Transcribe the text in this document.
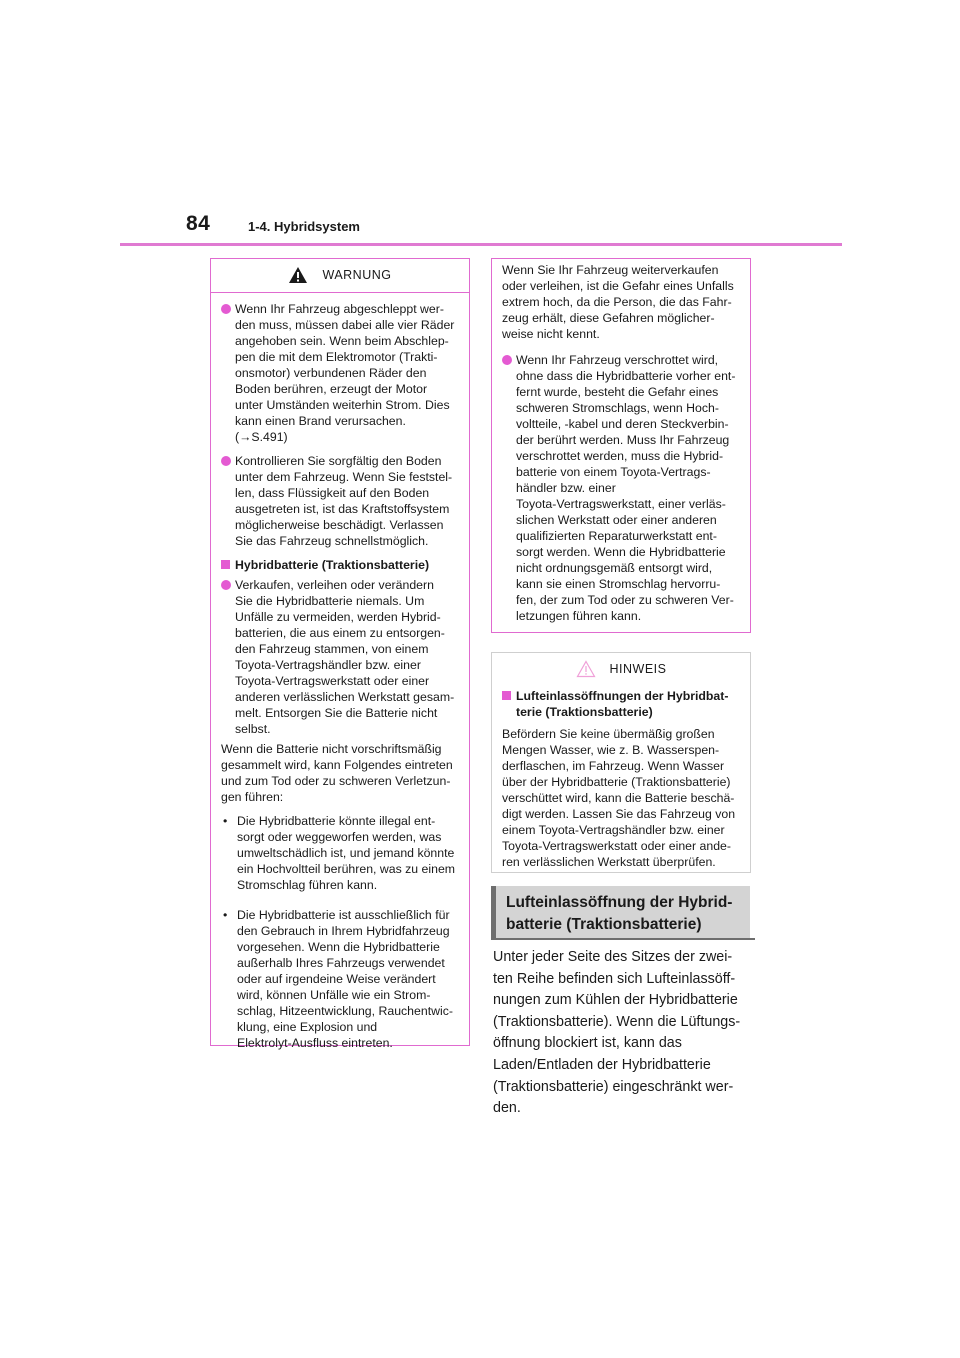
84	1-4. Hybridsystem
WARNUNG
Wenn Ihr Fahrzeug abgeschleppt wer-
den muss, müssen dabei alle vier Räder
angehoben sein. Wenn beim Abschlep-
pen die mit dem Elektromotor (Trakti-
onsmotor) verbundenen Räder den
Boden berühren, erzeugt der Motor
unter Umständen weiterhin Strom. Dies
kann einen Brand verursachen.
(→S.491)
Kontrollieren Sie sorgfältig den Boden
unter dem Fahrzeug. Wenn Sie feststel-
len, dass Flüssigkeit auf den Boden
ausgetreten ist, ist das Kraftstoffsystem
möglicherweise beschädigt. Verlassen
Sie das Fahrzeug schnellstmöglich.
Hybridbatterie (Traktionsbatterie)
Verkaufen, verleihen oder verändern
Sie die Hybridbatterie niemals. Um
Unfälle zu vermeiden, werden Hybrid-
batterien, die aus einem zu entsorgen-
den Fahrzeug stammen, von einem
Toyota-Vertragshändler bzw. einer
Toyota-Vertragswerkstatt oder einer
anderen verlässlichen Werkstatt gesam-
melt. Entsorgen Sie die Batterie nicht
selbst.
Wenn die Batterie nicht vorschriftsmäßig
gesammelt wird, kann Folgendes eintreten
und zum Tod oder zu schweren Verletzun-
gen führen:
• Die Hybridbatterie könnte illegal ent-
sorgt oder weggeworfen werden, was
umweltschädlich ist, und jemand könnte
ein Hochvoltteil berühren, was zu einem
Stromschlag führen kann.
• Die Hybridbatterie ist ausschließlich für
den Gebrauch in Ihrem Hybridfahrzeug
vorgesehen. Wenn die Hybridbatterie
außerhalb Ihres Fahrzeugs verwendet
oder auf irgendeine Weise verändert
wird, können Unfälle wie ein Strom-
schlag, Hitzeentwicklung, Rauchentwic-
klung, eine Explosion und
Elektrolyt-Ausfluss eintreten.
Wenn Sie Ihr Fahrzeug weiterverkaufen
oder verleihen, ist die Gefahr eines Unfalls
extrem hoch, da die Person, die das Fahr-
zeug erhält, diese Gefahren möglicher-
weise nicht kennt.
Wenn Ihr Fahrzeug verschrottet wird,
ohne dass die Hybridbatterie vorher ent-
fernt wurde, besteht die Gefahr eines
schweren Stromschlags, wenn Hoch-
voltteile, -kabel und deren Steckverbin-
der berührt werden. Muss Ihr Fahrzeug
verschrottet werden, muss die Hybrid-
batterie von einem Toyota-Vertrags-
händler bzw. einer
Toyota-Vertragswerkstatt, einer verläs-
slichen Werkstatt oder einer anderen
qualifizierten Reparaturwerkstatt ent-
sorgt werden. Wenn die Hybridbatterie
nicht ordnungsgemäß entsorgt wird,
kann sie einen Stromschlag hervorru-
fen, der zum Tod oder zu schweren Ver-
letzungen führen kann.
HINWEIS
Lufteinlassöffnungen der Hybridbat-
terie (Traktionsbatterie)
Befördern Sie keine übermäßig großen
Mengen Wasser, wie z. B. Wasserspen-
derflaschen, im Fahrzeug. Wenn Wasser
über der Hybridbatterie (Traktionsbatterie)
verschüttet wird, kann die Batterie beschä-
digt werden. Lassen Sie das Fahrzeug von
einem Toyota-Vertragshändler bzw. einer
Toyota-Vertragswerkstatt oder einer ande-
ren verlässlichen Werkstatt überprüfen.
Lufteinlassöffnung der Hybrid-
batterie (Traktionsbatterie)
Unter jeder Seite des Sitzes der zwei-
ten Reihe befinden sich Lufteinlassöff-
nungen zum Kühlen der Hybridbatterie
(Traktionsbatterie). Wenn die Lüftungs-
öffnung blockiert ist, kann das
Laden/Entladen der Hybridbatterie
(Traktionsbatterie) eingeschränkt wer-
den.
